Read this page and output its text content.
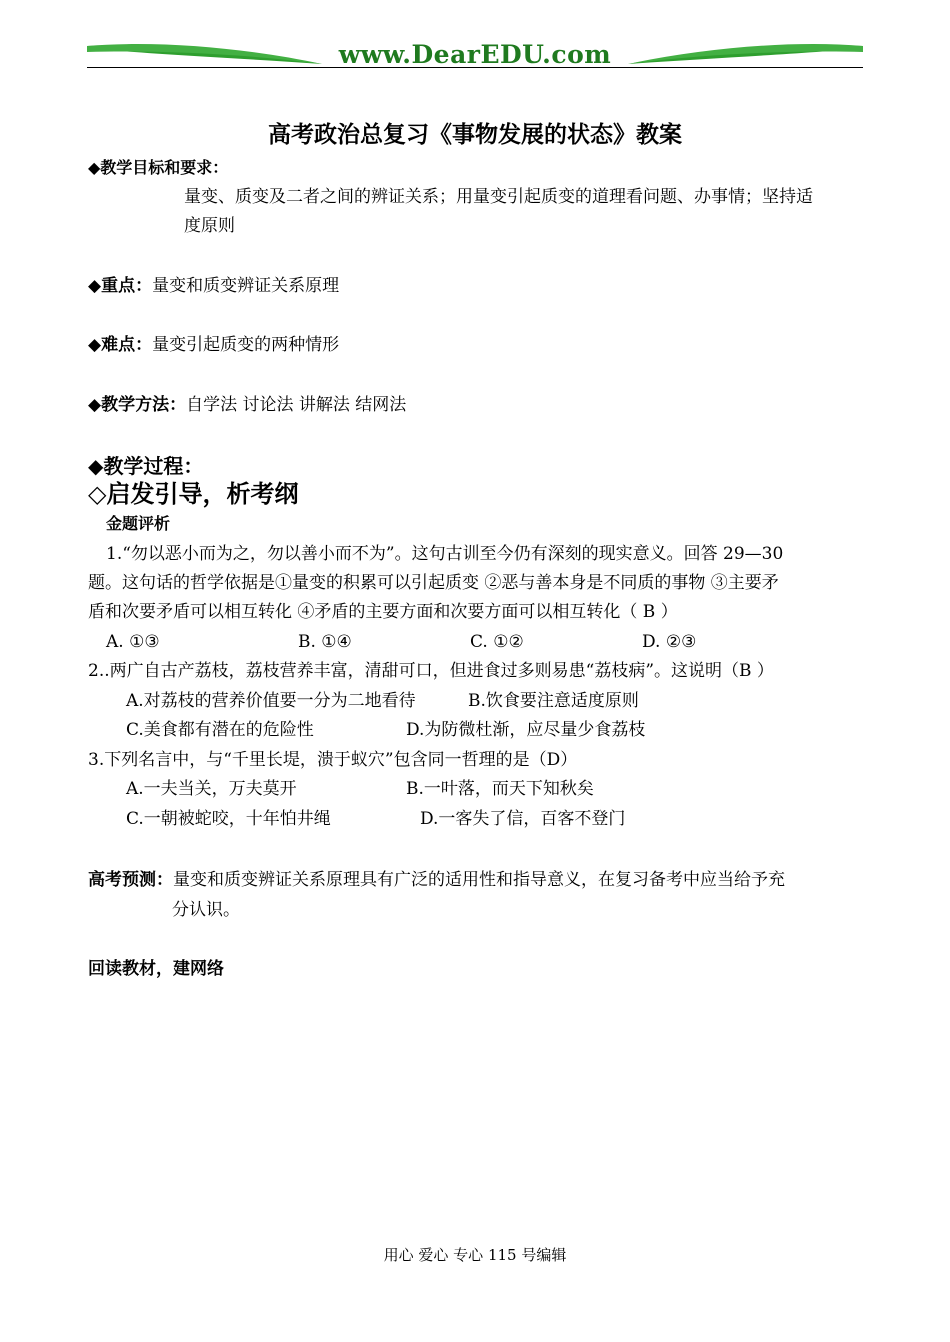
www.DearEDU.com
高考政治总复习《事物发展的状态》教案
◆教学目标和要求：
量变、质变及二者之间的辨证关系；用量变引起质变的道理看问题、办事情；坚持适
度原则
◆重点：量变和质变辨证关系原理
◆难点：量变引起质变的两种情形
◆教学方法：自学法 讨论法 讲解法 结网法
◆教学过程：
◇启发引导，析考纲
金题评析
1.“勿以恶小而为之，勿以善小而不为”。这句古训至今仍有深刻的现实意义。回答 29—30
题。这句话的哲学依据是①量变的积累可以引起质变 ②恶与善本身是不同质的事物 ③主要矛
盾和次要矛盾可以相互转化 ④矛盾的主要方面和次要方面可以相互转化（ B ）
A. ①③	B. ①④	C. ①②	D. ②③
2..两广自古产荔枝，荔枝营养丰富，清甜可口，但进食过多则易患“荔枝病”。这说明（B ）
A.对荔枝的营养价值要一分为二地看待	B.饮食要注意适度原则
C.美食都有潜在的危险性	D.为防微杜渐，应尽量少食荔枝
3.下列名言中，与“千里长堤，溃于蚁穴”包含同一哲理的是（D）
A.一夫当关，万夫莫开	B.一叶落，而天下知秋矣
C.一朝被蛇咬，十年怕井绳	D.一客失了信，百客不登门
高考预测：量变和质变辨证关系原理具有广泛的适用性和指导意义，在复习备考中应当给予充
分认识。
回读教材，建网络
用心 爱心 专心 115 号编辑
